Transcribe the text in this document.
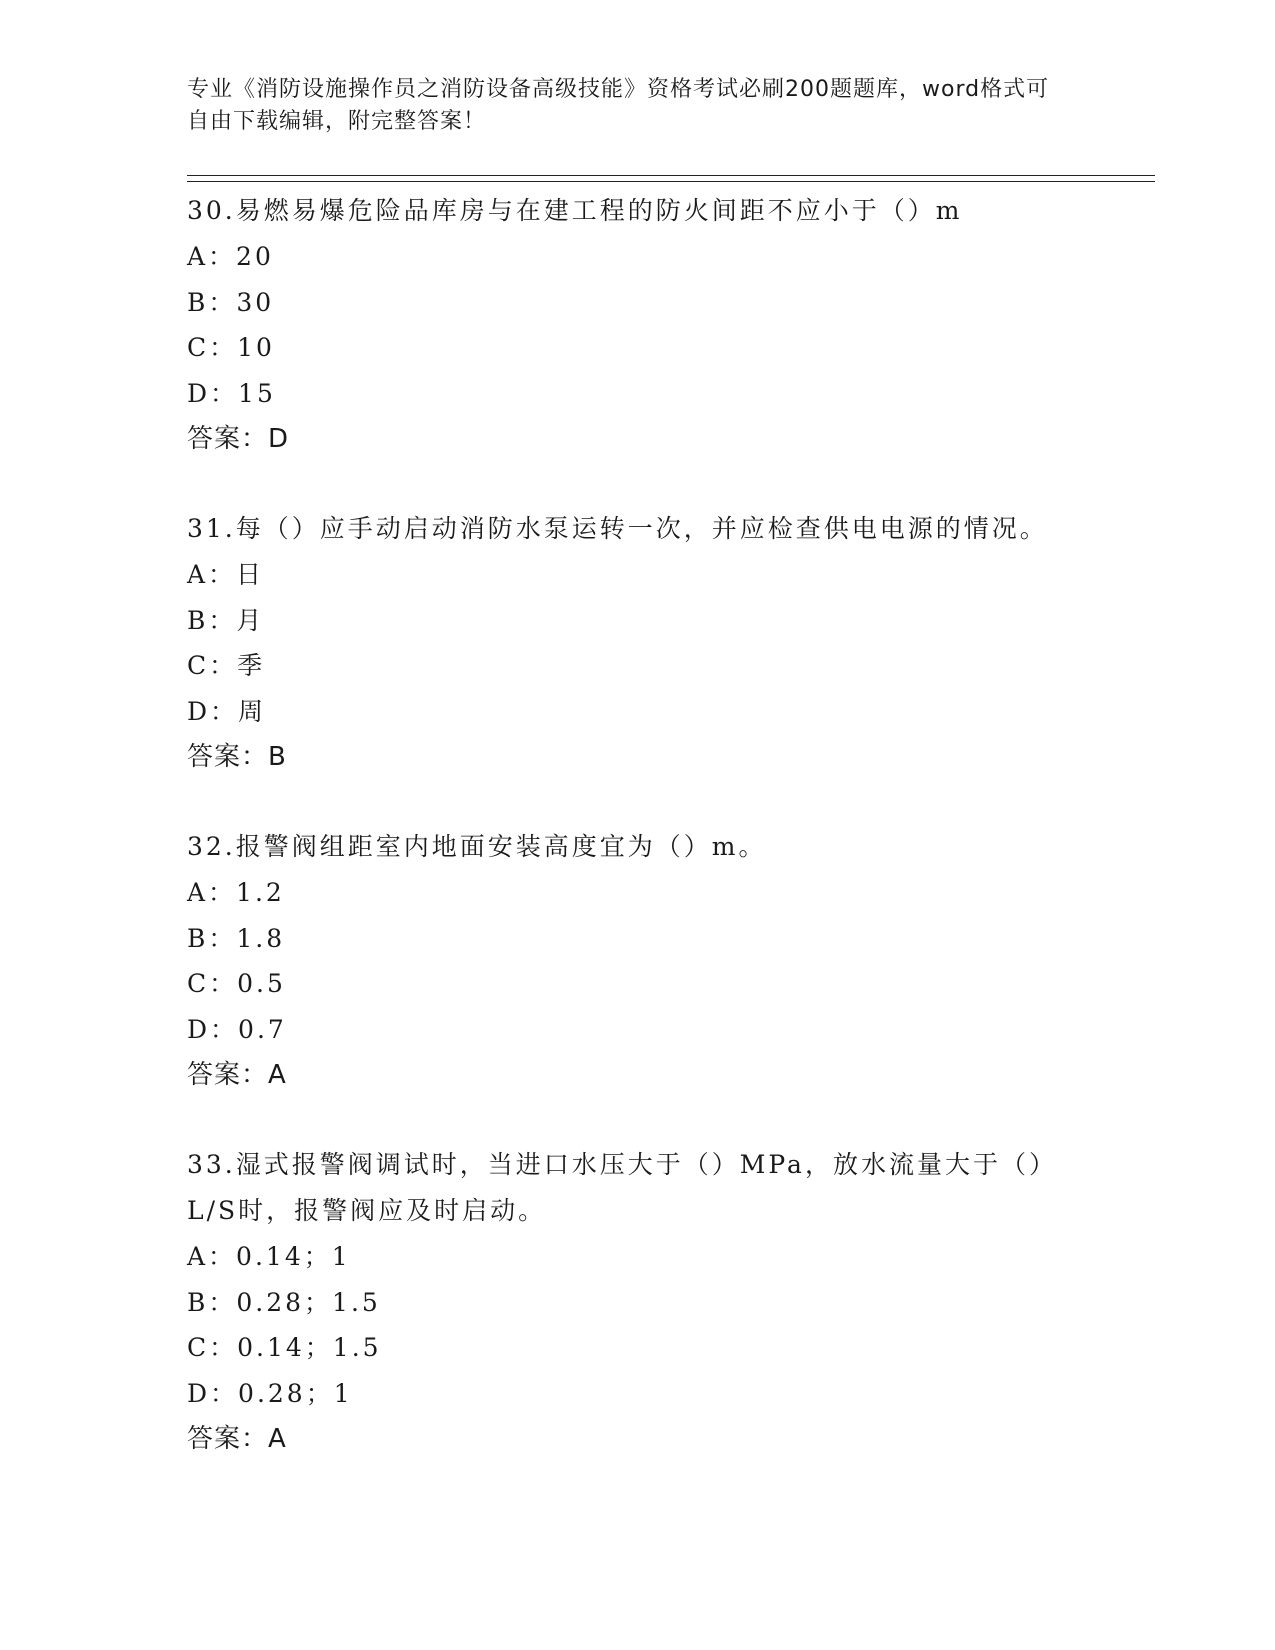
专业《消防设施操作员之消防设备高级技能》资格考试必刷200题题库，word格式可自由下载编辑，附完整答案！

30.易燃易爆危险品库房与在建工程的防火间距不应小于（）m

A：20

B：30

C：10

D：15

答案：D

31.每（）应手动启动消防水泵运转一次，并应检查供电电源的情况。

A：日

B：月

C：季

D：周

答案：B

32.报警阀组距室内地面安装高度宜为（）m。

A：1.2

B：1.8

C：0.5

D：0.7

答案：A

33.湿式报警阀调试时，当进口水压大于（）MPa，放水流量大于（）L/S时，报警阀应及时启动。

A：0.14；1

B：0.28；1.5

C：0.14；1.5

D：0.28；1

答案：A
